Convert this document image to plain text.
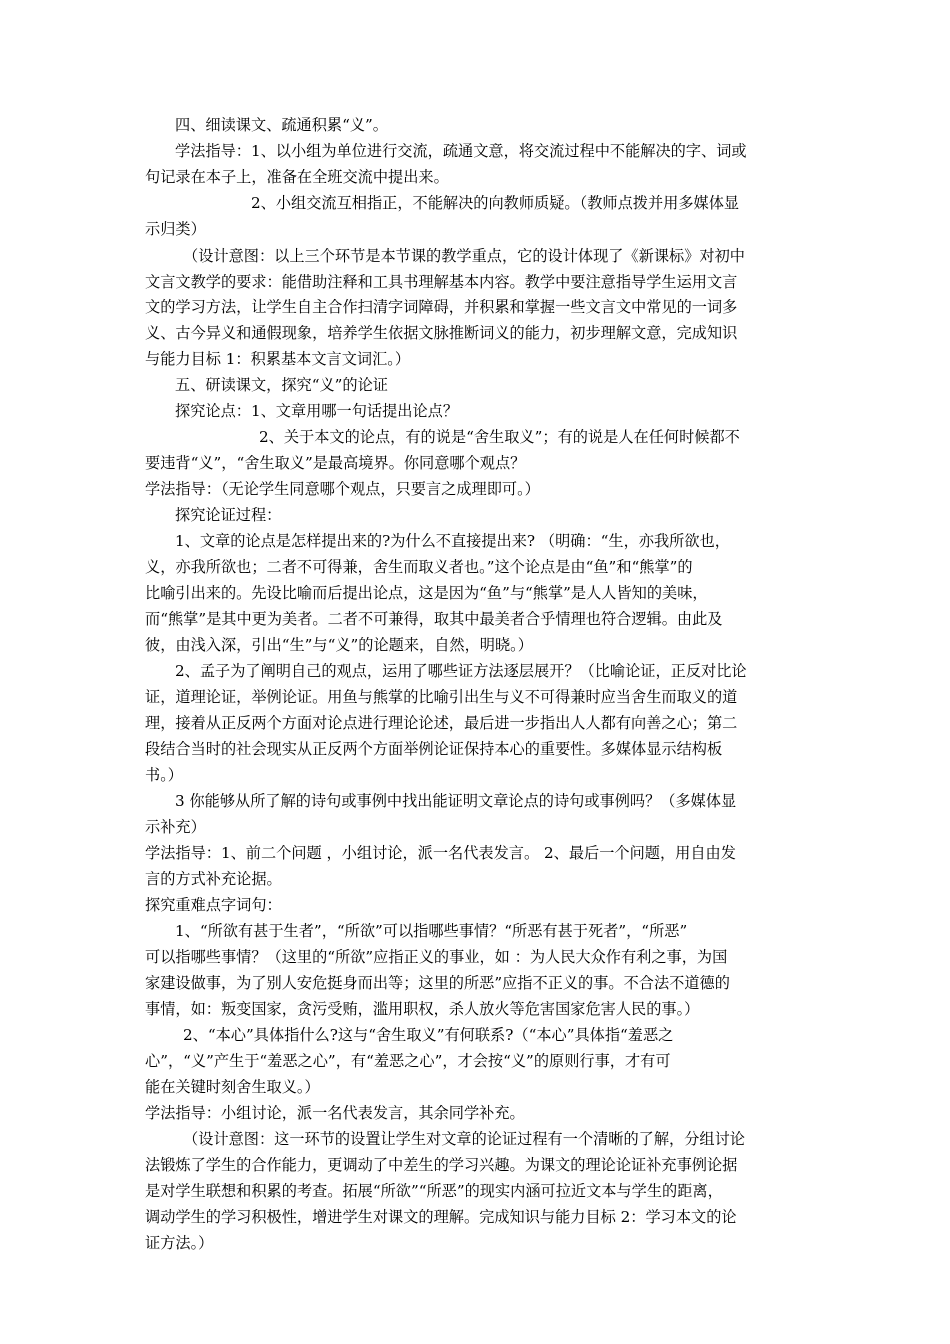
四、细读课文、疏通积累“义”。
学法指导：1、以小组为单位进行交流，疏通文意，将交流过程中不能解决的字、词或
句记录在本子上，准备在全班交流中提出来。
2、小组交流互相指正，不能解决的向教师质疑。（教师点拨并用多媒体显
示归类）
（设计意图：以上三个环节是本节课的教学重点，它的设计体现了《新课标》对初中
文言文教学的要求：能借助注释和工具书理解基本内容。教学中要注意指导学生运用文言
文的学习方法，让学生自主合作扫清字词障碍，并积累和掌握一些文言文中常见的一词多
义、古今异义和通假现象，培养学生依据文脉推断词义的能力，初步理解文意，完成知识
与能力目标 1：积累基本文言文词汇。）
五、研读课文，探究“义”的论证
探究论点：1、文章用哪一句话提出论点？
2、关于本文的论点，有的说是“舍生取义”；有的说是人在任何时候都不
要违背“义”，“舍生取义”是最高境界。你同意哪个观点？
学法指导：（无论学生同意哪个观点，只要言之成理即可。）
探究论证过程：
1、文章的论点是怎样提出来的?为什么不直接提出来? （明确：“生，亦我所欲也，
义，亦我所欲也；二者不可得兼，舍生而取义者也。”这个论点是由“鱼”和“熊掌”的
比喻引出来的。先设比喻而后提出论点，这是因为“鱼”与“熊掌”是人人皆知的美味，
而“熊掌”是其中更为美者。二者不可兼得，取其中最美者合乎情理也符合逻辑。由此及
彼，由浅入深，引出“生”与“义”的论题来，自然，明晓。）
2、孟子为了阐明自己的观点，运用了哪些证方法逐层展开？（比喻论证，正反对比论
证，道理论证，举例论证。用鱼与熊掌的比喻引出生与义不可得兼时应当舍生而取义的道
理，接着从正反两个方面对论点进行理论论述，最后进一步指出人人都有向善之心；第二
段结合当时的社会现实从正反两个方面举例论证保持本心的重要性。多媒体显示结构板
书。）
3 你能够从所了解的诗句或事例中找出能证明文章论点的诗句或事例吗？（多媒体显
示补充）
学法指导：1、前二个问题 ，小组讨论，派一名代表发言。 2、最后一个问题，用自由发
言的方式补充论据。
探究重难点字词句：
1、“所欲有甚于生者”，“所欲”可以指哪些事情？“所恶有甚于死者”，“所恶”
可以指哪些事情？（这里的“所欲”应指正义的事业，如 ：为人民大众作有利之事，为国
家建设做事，为了别人安危挺身而出等；这里的所恶”应指不正义的事。不合法不道德的
事情，如：叛变国家，贪污受贿，滥用职权，杀人放火等危害国家危害人民的事。）
2、“本心”具体指什么?这与“舍生取义”有何联系?（“本心”具体指“羞恶之
心”，“义”产生于“羞恶之心”，有“羞恶之心”，才会按“义”的原则行事，才有可
能在关键时刻舍生取义。）
学法指导：小组讨论，派一名代表发言，其余同学补充。
（设计意图：这一环节的设置让学生对文章的论证过程有一个清晰的了解，分组讨论
法锻炼了学生的合作能力，更调动了中差生的学习兴趣。为课文的理论论证补充事例论据
是对学生联想和积累的考查。拓展“所欲”“所恶”的现实内涵可拉近文本与学生的距离，
调动学生的学习积极性，增进学生对课文的理解。完成知识与能力目标 2：学习本文的论
证方法。）
